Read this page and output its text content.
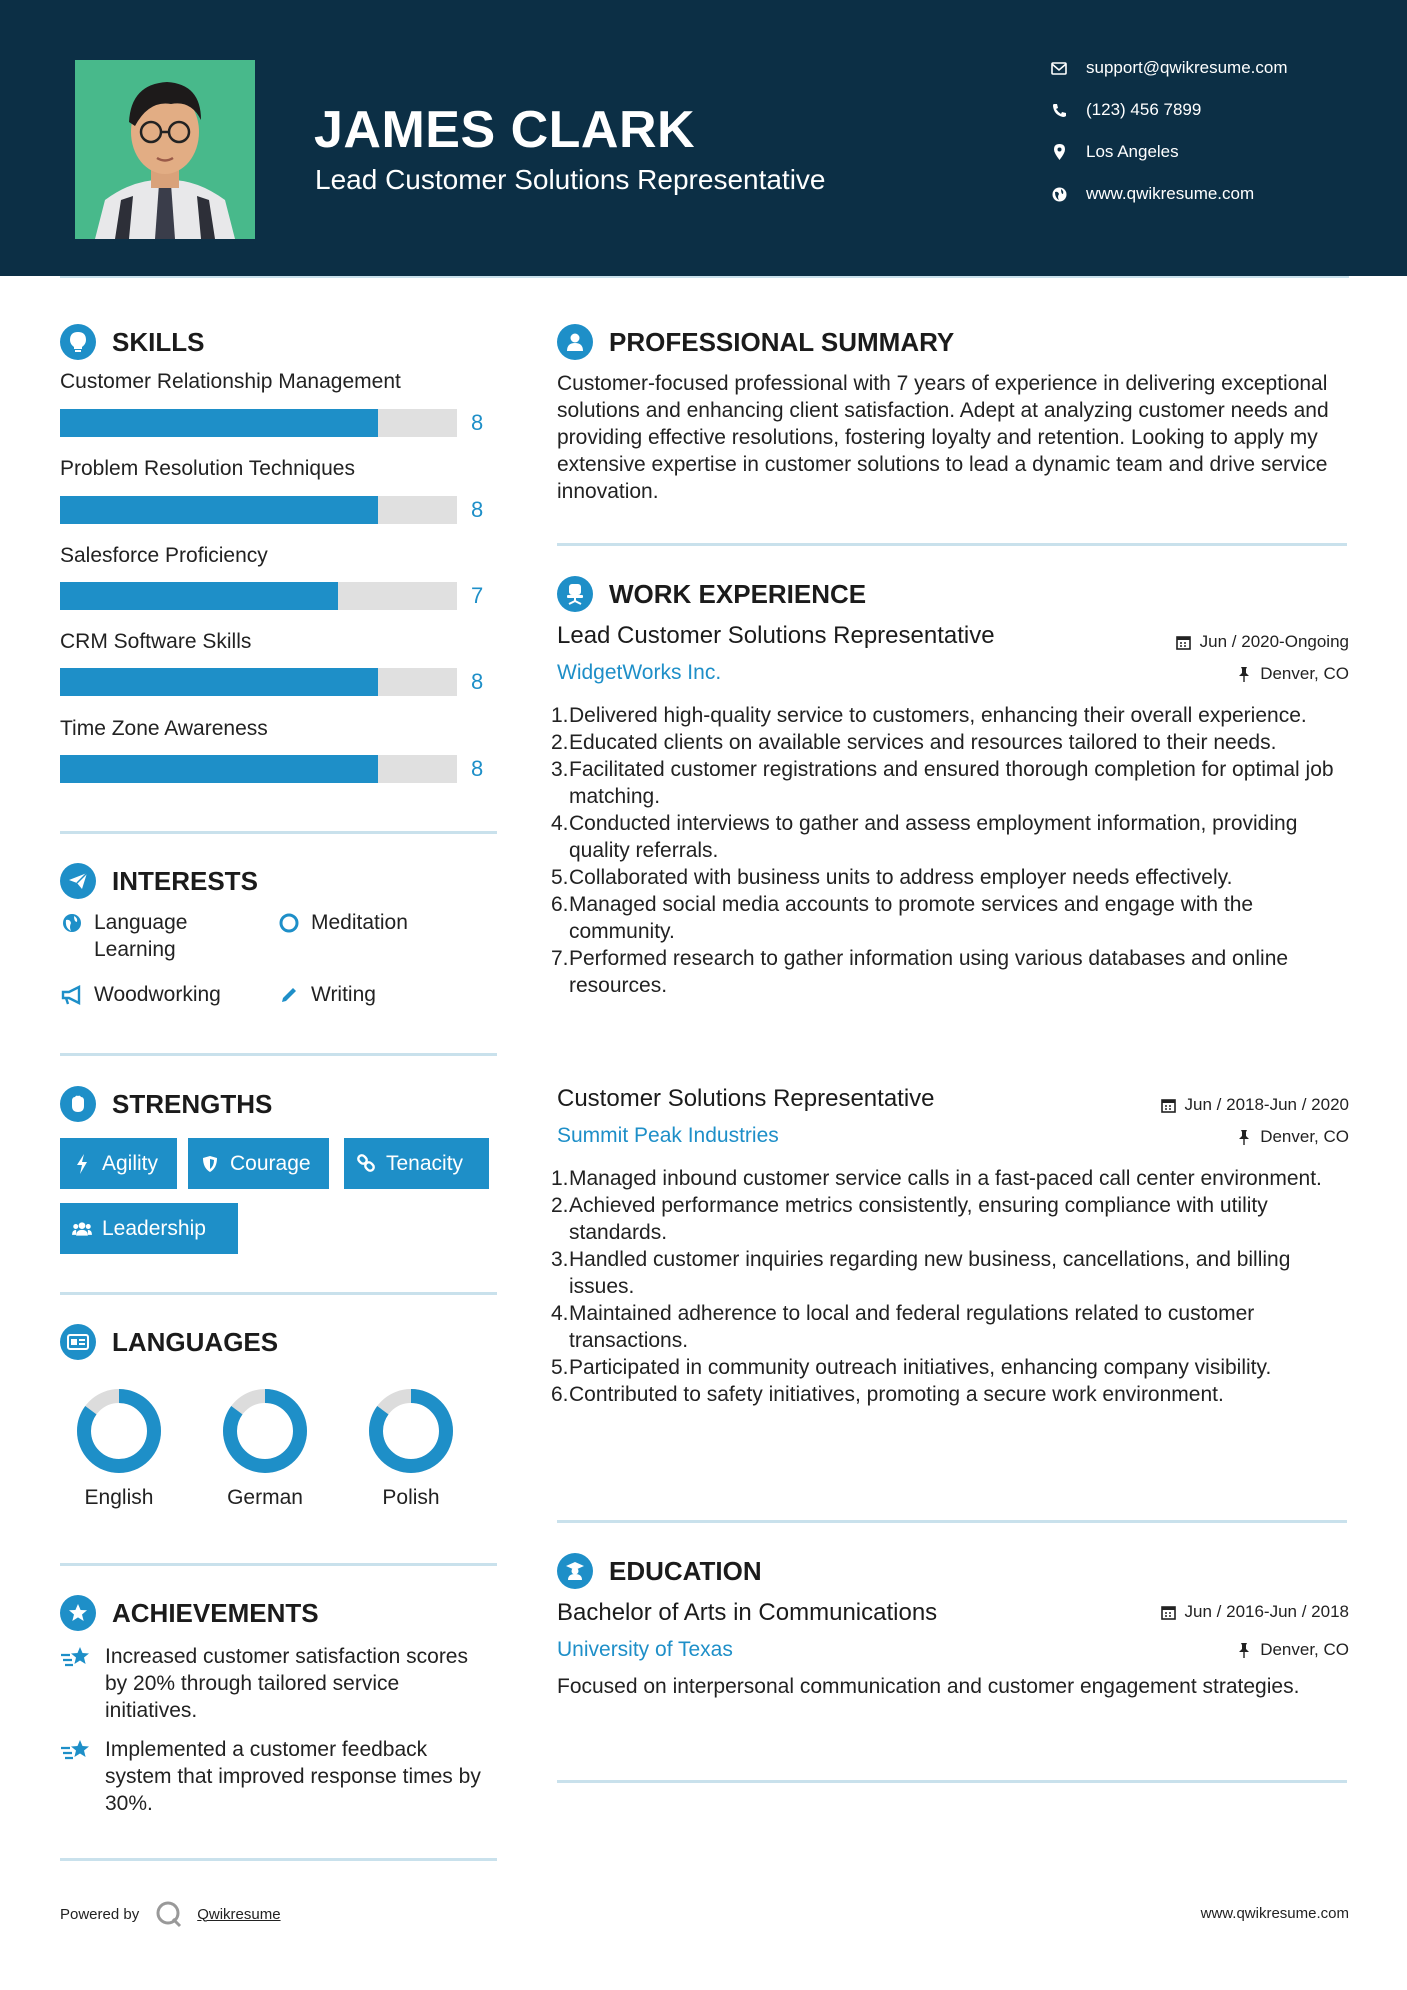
JAMES CLARK
Lead Customer Solutions Representative
support@qwikresume.com
(123) 456 7899
Los Angeles
www.qwikresume.com
SKILLS
Customer Relationship Management
8
Problem Resolution Techniques
8
Salesforce Proficiency
7
CRM Software Skills
8
Time Zone Awareness
8
INTERESTS
Language Learning
Meditation
Woodworking	Writing
STRENGTHS
Agility	Courage	Tenacity
Leadership
LANGUAGES
English	German	Polish
ACHIEVEMENTS
Increased customer satisfaction scores by 20% through tailored service initiatives.
Implemented a customer feedback system that improved response times by 30%.
PROFESSIONAL SUMMARY
Customer-focused professional with 7 years of experience in delivering exceptional solutions and enhancing client satisfaction. Adept at analyzing customer needs and providing effective resolutions, fostering loyalty and retention. Looking to apply my extensive expertise in customer solutions to lead a dynamic team and drive service innovation.
WORK EXPERIENCE
Lead Customer Solutions Representative	Jun / 2020-Ongoing
WidgetWorks Inc.	Denver, CO
1. Delivered high-quality service to customers, enhancing their overall experience.
2. Educated clients on available services and resources tailored to their needs.
3. Facilitated customer registrations and ensured thorough completion for optimal job matching.
4. Conducted interviews to gather and assess employment information, providing quality referrals.
5. Collaborated with business units to address employer needs effectively.
6. Managed social media accounts to promote services and engage with the community.
7. Performed research to gather information using various databases and online resources.
Customer Solutions Representative	Jun / 2018-Jun / 2020
Summit Peak Industries	Denver, CO
1. Managed inbound customer service calls in a fast-paced call center environment.
2. Achieved performance metrics consistently, ensuring compliance with utility standards.
3. Handled customer inquiries regarding new business, cancellations, and billing issues.
4. Maintained adherence to local and federal regulations related to customer transactions.
5. Participated in community outreach initiatives, enhancing company visibility.
6. Contributed to safety initiatives, promoting a secure work environment.
EDUCATION
Bachelor of Arts in Communications	Jun / 2016-Jun / 2018
University of Texas	Denver, CO
Focused on interpersonal communication and customer engagement strategies.
Powered by	Qwikresume	www.qwikresume.com
